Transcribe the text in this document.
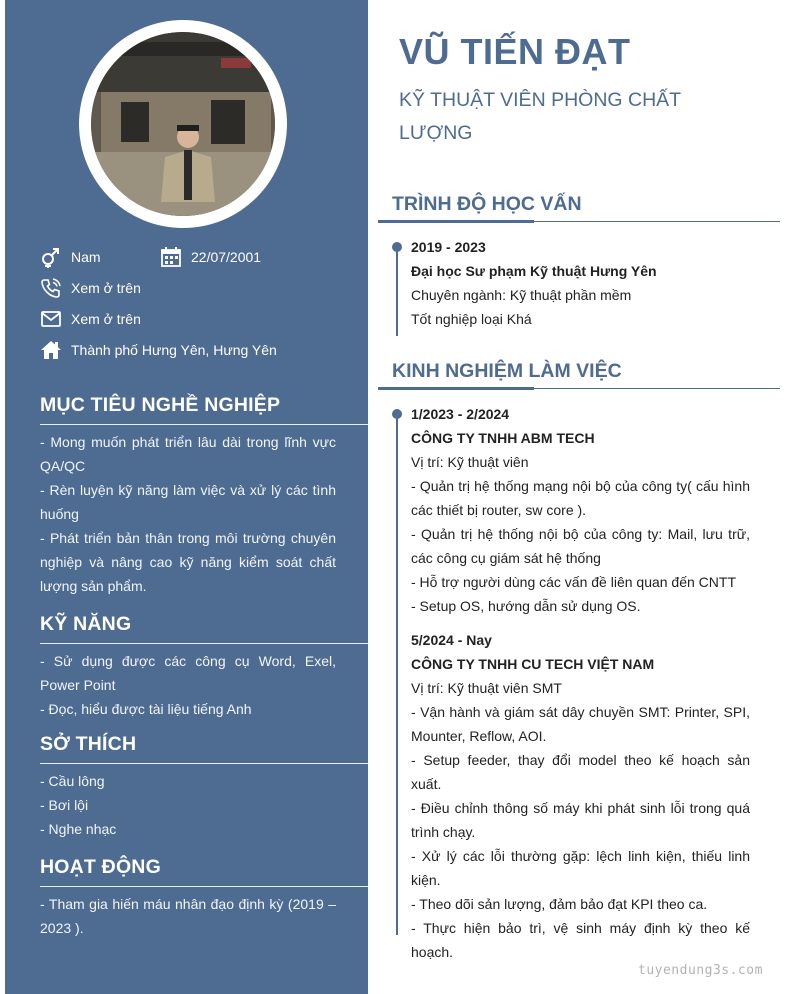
Nam	22/07/2001
Xem ở trên
Xem ở trên
Thành phố Hưng Yên, Hưng Yên
MỤC TIÊU NGHỀ NGHIỆP

- Mong muốn phát triển lâu dài trong lĩnh vực QA/QC

- Rèn luyện kỹ năng làm việc và xử lý các tình huống

- Phát triển bản thân trong môi trường chuyên nghiệp và nâng cao kỹ năng kiểm soát chất lượng sản phẩm.

KỸ NĂNG

- Sử dụng được các công cụ Word, Exel, Power Point

- Đọc, hiểu được tài liệu tiếng Anh

SỞ THÍCH

- Cầu lông

- Bơi lội

- Nghe nhạc

HOẠT ĐỘNG

- Tham gia hiến máu nhân đạo định kỳ (2019 – 2023 ).

VŨ TIẾN ĐẠT
KỸ THUẬT VIÊN PHÒNG CHẤT LƯỢNG
TRÌNH ĐỘ HỌC VẤN
2019 - 2023
Đại học Sư phạm Kỹ thuật Hưng Yên
Chuyên ngành: Kỹ thuật phần mềm
Tốt nghiệp loại Khá
KINH NGHIỆM LÀM VIỆC
1/2023 - 2/2024
CÔNG TY TNHH ABM TECH
Vị trí: Kỹ thuật viên

- Quản trị hệ thống mạng nội bộ của công ty( cấu hình các thiết bị router, sw core ).

- Quản trị hệ thống nội bộ của công ty: Mail, lưu trữ, các công cụ giám sát hệ thống

- Hỗ trợ người dùng các vấn đề liên quan đến CNTT

- Setup OS, hướng dẫn sử dụng OS.

5/2024 - Nay
CÔNG TY TNHH CU TECH VIỆT NAM
Vị trí: Kỹ thuật viên SMT

- Vận hành và giám sát dây chuyền SMT: Printer, SPI, Mounter, Reflow, AOI.

- Setup feeder, thay đổi model theo kế hoạch sản xuất.

- Điều chỉnh thông số máy khi phát sinh lỗi trong quá trình chạy.

- Xử lý các lỗi thường gặp: lệch linh kiện, thiếu linh kiện.

- Theo dõi sản lượng, đảm bảo đạt KPI theo ca.

- Thực hiện bảo trì, vệ sinh máy định kỳ theo kế hoạch.

tuyendung3s.com
